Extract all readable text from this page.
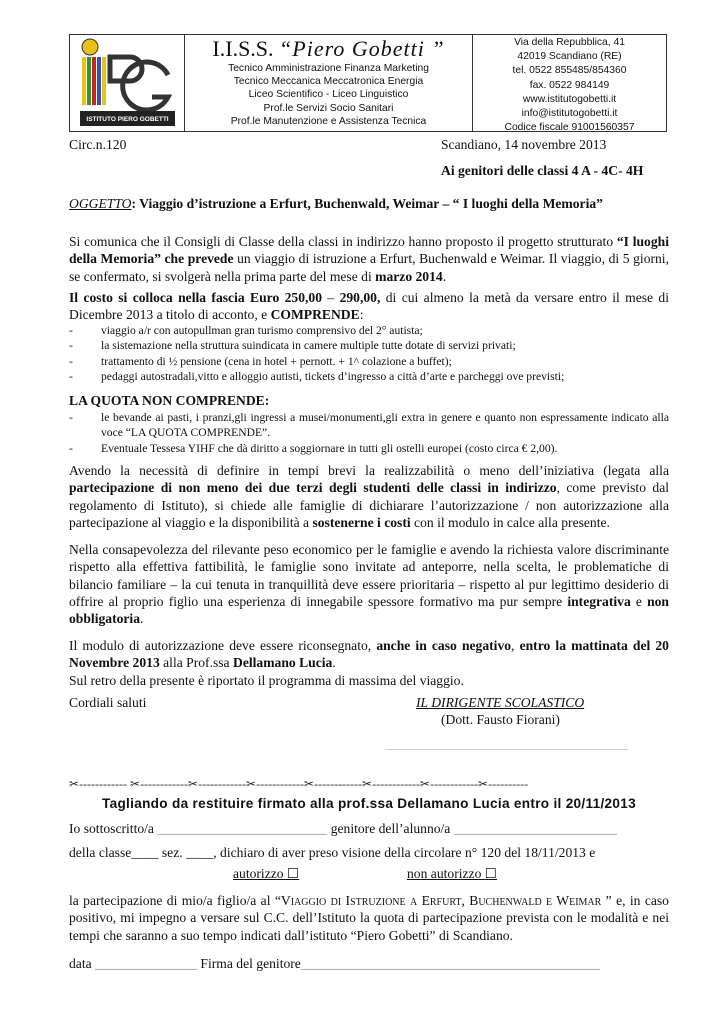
ISTITUTO PIERO GOBETTI
I.I.S.S. “Piero Gobetti ”
Tecnico Amministrazione Finanza Marketing
Tecnico Meccanica Meccatronica Energia
Liceo Scientifico - Liceo Linguistico
Prof.le Servizi Socio Sanitari
Prof.le Manutenzione e Assistenza Tecnica
Via della Repubblica, 41
42019 Scandiano (RE)
tel. 0522 855485/854360
fax. 0522 984149
www.istitutogobetti.it
info@istitutogobetti.it
Codice fiscale 91001560357
Circ.n.120	Scandiano, 14 novembre 2013
Ai genitori delle classi 4 A - 4C- 4H
OGGETTO: Viaggio d’istruzione a Erfurt, Buchenwald, Weimar – “ I luoghi della Memoria”
Si comunica che il Consigli di Classe della classi in indirizzo hanno proposto il progetto strutturato “I luoghi della Memoria” che prevede un viaggio di istruzione a Erfurt, Buchenwald e Weimar. Il viaggio, di 5 giorni, se confermato, si svolgerà nella prima parte del mese di marzo 2014.
Il costo si colloca nella fascia Euro 250,00 – 290,00, di cui almeno la metà da versare entro il mese di Dicembre 2013 a titolo di acconto, e COMPRENDE:
-	viaggio a/r con autopullman gran turismo comprensivo del 2° autista;
-	la sistemazione nella struttura suindicata in camere multiple tutte dotate di servizi privati;
-	trattamento di ½ pensione (cena in hotel + pernott. + 1^ colazione a buffet);
-	pedaggi autostradali,vitto e alloggio autisti, tickets d’ingresso a città d’arte e parcheggi ove previsti;
LA QUOTA NON COMPRENDE:
-	le bevande ai pasti, i pranzi,gli ingressi a musei/monumenti,gli extra in genere e quanto non espressamente indicato alla voce “LA QUOTA COMPRENDE”.
-	Eventuale Tessesa YIHF che dà diritto a soggiornare in tutti gli ostelli europei (costo circa € 2,00).
Avendo la necessità di definire in tempi brevi la realizzabilità o meno dell’iniziativa (legata alla partecipazione di non meno dei due terzi degli studenti delle classi in indirizzo, come previsto dal regolamento di Istituto), si chiede alle famiglie di dichiarare l’autorizzazione / non autorizzazione alla partecipazione al viaggio e la disponibilità a sostenerne i costi con il modulo in calce alla presente.
Nella consapevolezza del rilevante peso economico per le famiglie e avendo la richiesta valore discriminante rispetto alla effettiva fattibilità, le famiglie sono invitate ad anteporre, nella scelta, le problematiche di bilancio familiare – la cui tenuta in tranquillità deve essere prioritaria – rispetto al pur legittimo desiderio di offrire al proprio figlio una esperienza di innegabile spessore formativo ma pur sempre integrativa e non obbligatoria.
Il modulo di autorizzazione deve essere riconsegnato, anche in caso negativo, entro la mattinata del 20 Novembre 2013 alla Prof.ssa Dellamano Lucia.
Sul retro della presente è riportato il programma di massima del viaggio.
Cordiali saluti	IL DIRIGENTE SCOLASTICO
(Dott. Fausto Fiorani)
✂------------ ✂------------✂------------✂------------✂------------✂------------✂------------✂----------
Tagliando da restituire firmato alla prof.ssa Dellamano Lucia entro il 20/11/2013
Io sottoscritto/a _________________________ genitore dell’alunno/a ________________________
della classe____ sez. ____, dichiaro di aver preso visione della circolare n° 120 del 18/11/2013 e
autorizzo ☐	non autorizzo ☐
la partecipazione di mio/a figlio/a al “Viaggio di Istruzione a Erfurt, Buchenwald e Weimar ” e, in caso positivo, mi impegno a versare sul C.C. dell’Istituto la quota di partecipazione prevista con le modalità e nei tempi che saranno a suo tempo indicati dall’istituto “Piero Gobetti” di Scandiano.
data _______________ Firma del genitore____________________________________________
